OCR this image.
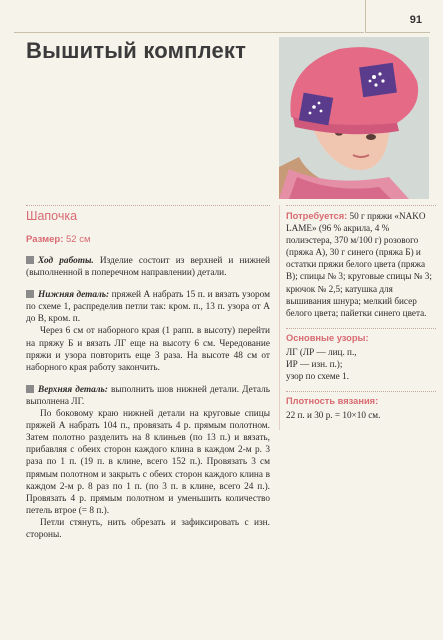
91
Вышитый комплект
Шапочка
Размер: 52 см

Ход работы. Изделие состоит из верхней и нижней (выполненной в поперечном направлении) детали.

Нижняя деталь: пряжей А набрать 15 п. и вязать узором по схеме 1, распределив петли так: кром. п., 13 п. узора от А до В, кром. п.

Через 6 см от наборного края (1 рапп. в высоту) перейти на пряжу Б и вязать ЛГ еще на высоту 6 см. Чередование пряжи и узора повторить еще 3 раза. На высоте 48 см от наборного края работу закончить.

Верхняя деталь: выполнить шов нижней детали. Деталь выполнена ЛГ.

По боковому краю нижней детали на круговые спицы пряжей А набрать 104 п., провязать 4 р. прямым полотном. Затем полотно разделить на 8 клиньев (по 13 п.) и вязать, прибавляя с обеих сторон каждого клина в каждом 2-м р. 3 раза по 1 п. (19 п. в клине, всего 152 п.). Провязать 3 см прямым полотном и закрыть с обеих сторон каждого клина в каждом 2-м р. 8 раз по 1 п. (по 3 п. в клине, всего 24 п.). Провязать 4 р. прямым полотном и уменьшить количество петель втрое (= 8 п.).

Петли стянуть, нить обрезать и зафиксировать с изн. стороны.

Потребуется: 50 г пряжи «NAKO LAME» (96 % акрила, 4 % полиэстера, 370 м/100 г) розового (пряжа А), 30 г синего (пряжа Б) и остатки пряжи белого цвета (пряжа В); спицы № 3; круговые спицы № 3; крючок № 2,5; катушка для вышивания шнура; мелкий бисер белого цвета; пайетки синего цвета.

Основные узоры:

ЛГ (ЛР — лиц. п.,

ИР — изн. п.);

узор по схеме 1.

Плотность вязания:

22 п. и 30 р. = 10×10 см.
